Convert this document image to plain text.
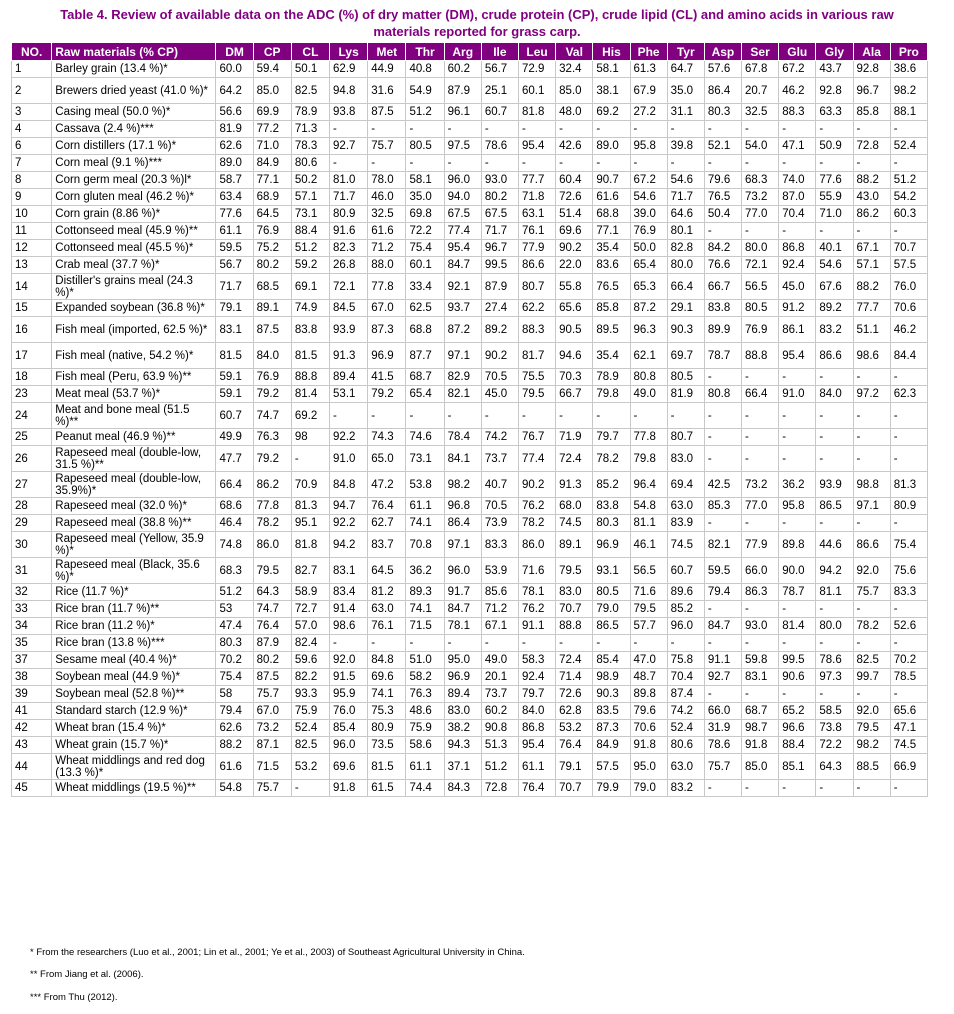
Table 4. Review of available data on the ADC (%) of dry matter (DM), crude protein (CP), crude lipid (CL) and amino acids in various raw
materials reported for grass carp.

NO.	Raw materials (% CP)	DM	CP	CL	Lys	Met	Thr	Arg	Ile	Leu	Val	His	Phe	Tyr	Asp	Ser	Glu	Gly	Ala	Pro
1	Barley grain (13.4 %)*	60.0	59.4	50.1	62.9	44.9	40.8	60.2	56.7	72.9	32.4	58.1	61.3	64.7	57.6	67.8	67.2	43.7	92.8	38.6
2	Brewers dried yeast (41.0 %)*	64.2	85.0	82.5	94.8	31.6	54.9	87.9	25.1	60.1	85.0	38.1	67.9	35.0	86.4	20.7	46.2	92.8	96.7	98.2
3	Casing meal (50.0 %)*	56.6	69.9	78.9	93.8	87.5	51.2	96.1	60.7	81.8	48.0	69.2	27.2	31.1	80.3	32.5	88.3	63.3	85.8	88.1
4	Cassava (2.4 %)***	81.9	77.2	71.3	-	-	-	-	-	-	-	-	-	-	-	-	-	-	-	-
6	Corn distillers (17.1 %)*	62.6	71.0	78.3	92.7	75.7	80.5	97.5	78.6	95.4	42.6	89.0	95.8	39.8	52.1	54.0	47.1	50.9	72.8	52.4
7	Corn meal (9.1 %)***	89.0	84.9	80.6	-	-	-	-	-	-	-	-	-	-	-	-	-	-	-	-
8	Corn germ meal (20.3 %)l*	58.7	77.1	50.2	81.0	78.0	58.1	96.0	93.0	77.7	60.4	90.7	67.2	54.6	79.6	68.3	74.0	77.6	88.2	51.2
9	Corn gluten meal (46.2 %)*	63.4	68.9	57.1	71.7	46.0	35.0	94.0	80.2	71.8	72.6	61.6	54.6	71.7	76.5	73.2	87.0	55.9	43.0	54.2
10	Corn grain (8.86 %)*	77.6	64.5	73.1	80.9	32.5	69.8	67.5	67.5	63.1	51.4	68.8	39.0	64.6	50.4	77.0	70.4	71.0	86.2	60.3
11	Cottonseed meal (45.9 %)**	61.1	76.9	88.4	91.6	61.6	72.2	77.4	71.7	76.1	69.6	77.1	76.9	80.1	-	-	-	-	-	-
12	Cottonseed meal (45.5 %)*	59.5	75.2	51.2	82.3	71.2	75.4	95.4	96.7	77.9	90.2	35.4	50.0	82.8	84.2	80.0	86.8	40.1	67.1	70.7
13	Crab meal (37.7 %)*	56.7	80.2	59.2	26.8	88.0	60.1	84.7	99.5	86.6	22.0	83.6	65.4	80.0	76.6	72.1	92.4	54.6	57.1	57.5
14	Distiller's grains meal (24.3 %)*	71.7	68.5	69.1	72.1	77.8	33.4	92.1	87.9	80.7	55.8	76.5	65.3	66.4	66.7	56.5	45.0	67.6	88.2	76.0
15	Expanded soybean (36.8 %)*	79.1	89.1	74.9	84.5	67.0	62.5	93.7	27.4	62.2	65.6	85.8	87.2	29.1	83.8	80.5	91.2	89.2	77.7	70.6
16	Fish meal (imported, 62.5 %)*	83.1	87.5	83.8	93.9	87.3	68.8	87.2	89.2	88.3	90.5	89.5	96.3	90.3	89.9	76.9	86.1	83.2	51.1	46.2
17	Fish meal (native, 54.2 %)*	81.5	84.0	81.5	91.3	96.9	87.7	97.1	90.2	81.7	94.6	35.4	62.1	69.7	78.7	88.8	95.4	86.6	98.6	84.4
18	Fish meal (Peru, 63.9 %)**	59.1	76.9	88.8	89.4	41.5	68.7	82.9	70.5	75.5	70.3	78.9	80.8	80.5	-	-	-	-	-	-
23	Meat meal (53.7 %)*	59.1	79.2	81.4	53.1	79.2	65.4	82.1	45.0	79.5	66.7	79.8	49.0	81.9	80.8	66.4	91.0	84.0	97.2	62.3
24	Meat and bone meal (51.5 %)**	60.7	74.7	69.2	-	-	-	-	-	-	-	-	-	-	-	-	-	-	-	-
25	Peanut meal (46.9 %)**	49.9	76.3	98	92.2	74.3	74.6	78.4	74.2	76.7	71.9	79.7	77.8	80.7	-	-	-	-	-	-
26	Rapeseed meal (double-low, 31.5 %)**	47.7	79.2	-	91.0	65.0	73.1	84.1	73.7	77.4	72.4	78.2	79.8	83.0	-	-	-	-	-	-
27	Rapeseed meal (double-low, 35.9%)*	66.4	86.2	70.9	84.8	47.2	53.8	98.2	40.7	90.2	91.3	85.2	96.4	69.4	42.5	73.2	36.2	93.9	98.8	81.3
28	Rapeseed meal (32.0 %)*	68.6	77.8	81.3	94.7	76.4	61.1	96.8	70.5	76.2	68.0	83.8	54.8	63.0	85.3	77.0	95.8	86.5	97.1	80.9
29	Rapeseed meal (38.8 %)**	46.4	78.2	95.1	92.2	62.7	74.1	86.4	73.9	78.2	74.5	80.3	81.1	83.9	-	-	-	-	-	-
30	Rapeseed meal (Yellow, 35.9 %)*	74.8	86.0	81.8	94.2	83.7	70.8	97.1	83.3	86.0	89.1	96.9	46.1	74.5	82.1	77.9	89.8	44.6	86.6	75.4
31	Rapeseed meal (Black, 35.6 %)*	68.3	79.5	82.7	83.1	64.5	36.2	96.0	53.9	71.6	79.5	93.1	56.5	60.7	59.5	66.0	90.0	94.2	92.0	75.6
32	Rice (11.7 %)*	51.2	64.3	58.9	83.4	81.2	89.3	91.7	85.6	78.1	83.0	80.5	71.6	89.6	79.4	86.3	78.7	81.1	75.7	83.3
33	Rice bran (11.7 %)**	53	74.7	72.7	91.4	63.0	74.1	84.7	71.2	76.2	70.7	79.0	79.5	85.2	-	-	-	-	-	-
34	Rice bran (11.2 %)*	47.4	76.4	57.0	98.6	76.1	71.5	78.1	67.1	91.1	88.8	86.5	57.7	96.0	84.7	93.0	81.4	80.0	78.2	52.6
35	Rice bran (13.8 %)***	80.3	87.9	82.4	-	-	-	-	-	-	-	-	-	-	-	-	-	-	-	-
37	Sesame meal (40.4 %)*	70.2	80.2	59.6	92.0	84.8	51.0	95.0	49.0	58.3	72.4	85.4	47.0	75.8	91.1	59.8	99.5	78.6	82.5	70.2
38	Soybean meal (44.9 %)*	75.4	87.5	82.2	91.5	69.6	58.2	96.9	20.1	92.4	71.4	98.9	48.7	70.4	92.7	83.1	90.6	97.3	99.7	78.5
39	Soybean meal (52.8 %)**	58	75.7	93.3	95.9	74.1	76.3	89.4	73.7	79.7	72.6	90.3	89.8	87.4	-	-	-	-	-	-
41	Standard starch (12.9 %)*	79.4	67.0	75.9	76.0	75.3	48.6	83.0	60.2	84.0	62.8	83.5	79.6	74.2	66.0	68.7	65.2	58.5	92.0	65.6
42	Wheat bran (15.4 %)*	62.6	73.2	52.4	85.4	80.9	75.9	38.2	90.8	86.8	53.2	87.3	70.6	52.4	31.9	98.7	96.6	73.8	79.5	47.1
43	Wheat grain (15.7 %)*	88.2	87.1	82.5	96.0	73.5	58.6	94.3	51.3	95.4	76.4	84.9	91.8	80.6	78.6	91.8	88.4	72.2	98.2	74.5
44	Wheat middlings and red dog (13.3 %)*	61.6	71.5	53.2	69.6	81.5	61.1	37.1	51.2	61.1	79.1	57.5	95.0	63.0	75.7	85.0	85.1	64.3	88.5	66.9
45	Wheat middlings (19.5 %)**	54.8	75.7	-	91.8	61.5	74.4	84.3	72.8	76.4	70.7	79.9	79.0	83.2	-	-	-	-	-	-

* From the researchers (Luo et al., 2001; Lin et al., 2001; Ye et al., 2003) of Southeast Agricultural University in China.

** From Jiang et al. (2006).

*** From Thu (2012).
